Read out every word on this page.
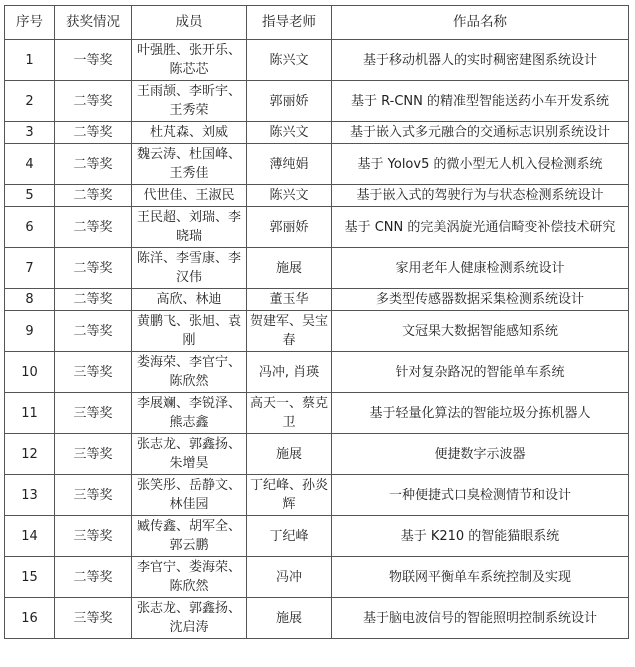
序号	获奖情况	成员	指导老师	作品名称
1	一等奖	叶强胜、张开乐、陈芯芯	陈兴文	基于移动机器人的实时稠密建图系统设计
2	二等奖	王雨颉、李昕宇、王秀荣	郭丽娇	基于 R-CNN 的精准型智能送药小车开发系统
3	二等奖	杜芃森、刘威	陈兴文	基于嵌入式多元融合的交通标志识别系统设计
4	二等奖	魏云涛、杜国峰、王秀佳	薄纯娟	基于 Yolov5 的微小型无人机入侵检测系统
5	二等奖	代世佳、王淑民	陈兴文	基于嵌入式的驾驶行为与状态检测系统设计
6	二等奖	王民超、刘瑞、李晓瑞	郭丽娇	基于 CNN 的完美涡旋光通信畸变补偿技术研究
7	二等奖	陈洋、李雪康、李汉伟	施展	家用老年人健康检测系统设计
8	二等奖	高欣、林迪	董玉华	多类型传感器数据采集检测系统设计
9	二等奖	黄鹏飞、张旭、袁刚	贺建军、吴宝春	文冠果大数据智能感知系统
10	三等奖	娄海荣、李官宁、陈欣然	冯冲, 肖瑛	针对复杂路况的智能单车系统
11	三等奖	李展斓、李锐泽、熊志鑫	高天一、蔡克卫	基于轻量化算法的智能垃圾分拣机器人
12	三等奖	张志龙、郭鑫扬、朱增昊	施展	便捷数字示波器
13	三等奖	张笑彤、岳静文、林佳园	丁纪峰、孙炎辉	一种便捷式口臭检测情节和设计
14	三等奖	臧传鑫、胡军全、郭云鹏	丁纪峰	基于 K210 的智能猫眼系统
15	二等奖	李官宁、娄海荣、陈欣然	冯冲	物联网平衡单车系统控制及实现
16	三等奖	张志龙、郭鑫扬、沈启涛	施展	基于脑电波信号的智能照明控制系统设计
